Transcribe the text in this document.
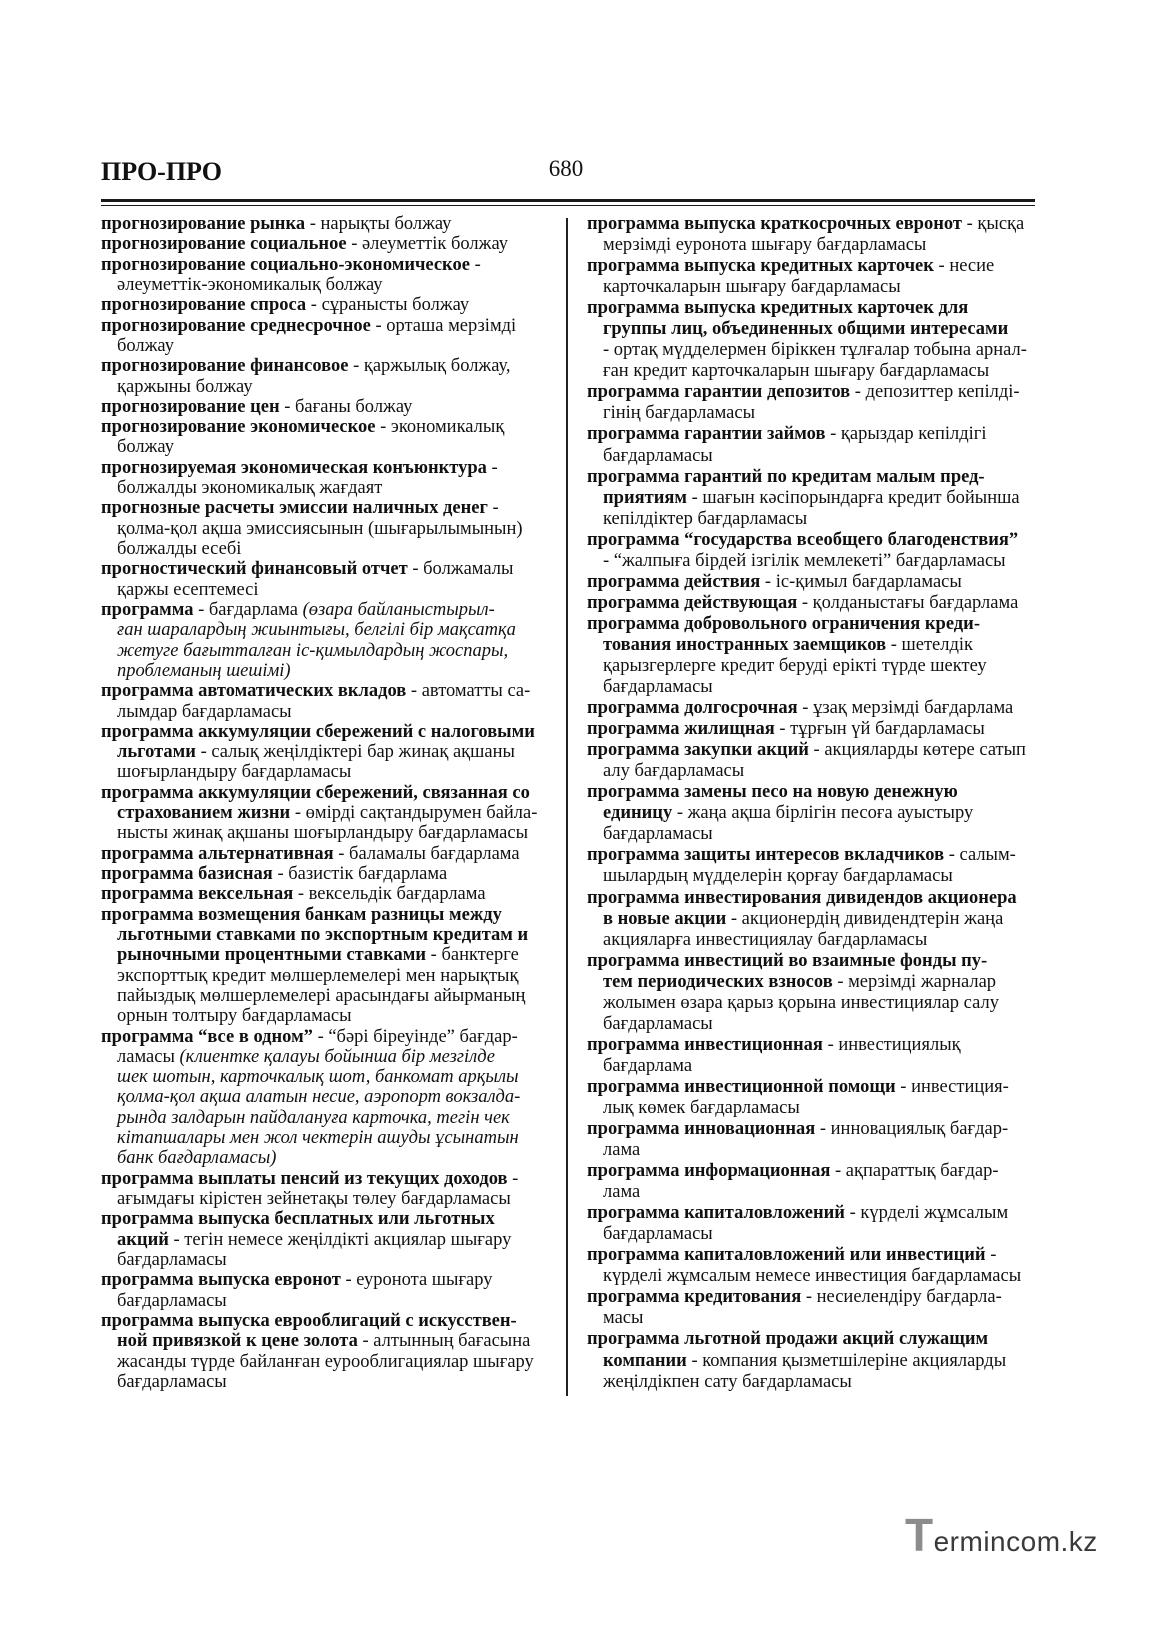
ПРО-ПРО	680
прогнозирование рынка - нарықты болжау
прогнозирование социальное - әлеуметтік болжау
прогнозирование социально-экономическое -
әлеуметтік-экономикалық болжау
прогнозирование спроса - сұранысты болжау
прогнозирование среднесрочное - орташа мерзімді
болжау
прогнозирование финансовое - қаржылық болжау,
қаржыны болжау
прогнозирование цен - бағаны болжау
прогнозирование экономическое - экономикалық
болжау
прогнозируемая экономическая конъюнктура -
болжалды экономикалық жағдаят
прогнозные расчеты эмиссии наличных денег -
қолма-қол ақша эмиссиясынын (шығарылымынын)
болжалды есебі
прогностический финансовый отчет - болжамалы
қаржы есептемесі
программа - бағдарлама (өзара байланыстырыл-
ған шаралардың жиынтығы, белгілі бір мақсатқа
жетуге бағытталған іс-қимылдардың жоспары,
проблеманың шешімі)
программа автоматических вкладов - автоматты са-
лымдар бағдарламасы
программа аккумуляции сбережений с налоговыми
льготами - салық жеңілдіктері бар жинақ ақшаны
шоғырландыру бағдарламасы
программа аккумуляции сбережений, связанная со
страхованием жизни - өмірді сақтандырумен байла-
нысты жинақ ақшаны шоғырландыру бағдарламасы
программа альтернативная - баламалы бағдарлама
программа базисная - базистік бағдарлама
программа вексельная - вексельдік бағдарлама
программа возмещения банкам разницы между
льготными ставками по экспортным кредитам и
рыночными процентными ставками - банктерге
экспорттық кредит мөлшерлемелері мен нарықтық
пайыздық мөлшерлемелері арасындағы айырманың
орнын толтыру бағдарламасы
программа “все в одном” - “бәрі біреуінде” бағдар-
ламасы (клиентке қалауы бойынша бір мезгілде
шек шотын, карточкалық шот, банкомат арқылы
қолма-қол ақша алатын несие, аэропорт вокзалда-
рында залдарын пайдалануға карточка, тегін чек
кітапшалары мен жол чектерін ашуды ұсынатын
банк бағдарламасы)
программа выплаты пенсий из текущих доходов -
ағымдағы кірістен зейнетақы төлеу бағдарламасы
программа выпуска бесплатных или льготных
акций - тегін немесе жеңілдікті акциялар шығару
бағдарламасы
программа выпуска евронот - еуронота шығару
бағдарламасы
программа выпуска еврооблигаций с искусствен-
ной привязкой к цене золота - алтынның бағасына
жасанды түрде байланған еурооблигациялар шығару
бағдарламасы
программа выпуска краткосрочных евронот - қысқа
мерзімді еуронота шығару бағдарламасы
программа выпуска кредитных карточек - несие
карточкаларын шығару бағдарламасы
программа выпуска кредитных карточек для
группы лиц, объединенных общими интересами
- ортақ мүдделермен біріккен тұлғалар тобына арнал-
ған кредит карточкаларын шығару бағдарламасы
программа гарантии депозитов - депозиттер кепілді-
гінің бағдарламасы
программа гарантии займов - қарыздар кепілдігі
бағдарламасы
программа гарантий по кредитам малым пред-
приятиям - шағын кәсіпорындарға кредит бойынша
кепілдіктер бағдарламасы
программа “государства всеобщего благоденствия”
- “жалпыға бірдей ізгілік мемлекеті” бағдарламасы
программа действия - іс-қимыл бағдарламасы
программа действующая - қолданыстағы бағдарлама
программа добровольного ограничения креди-
тования иностранных заемщиков - шетелдік
қарызгерлерге кредит беруді ерікті түрде шектеу
бағдарламасы
программа долгосрочная - ұзақ мерзімді бағдарлама
программа жилищная - тұрғын үй бағдарламасы
программа закупки акций - акцияларды көтере сатып
алу бағдарламасы
программа замены песо на новую денежную
единицу - жаңа ақша бірлігін песоға ауыстыру
бағдарламасы
программа защиты интересов вкладчиков - салым-
шылардың мүдделерін қорғау бағдарламасы
программа инвестирования дивидендов акционера
в новые акции - акционердің дивидендтерін жаңа
акцияларға инвестициялау бағдарламасы
программа инвестиций во взаимные фонды пу-
тем периодических взносов - мерзімді жарналар
жолымен өзара қарыз қорына инвестициялар салу
бағдарламасы
программа инвестиционная - инвестициялық
бағдарлама
программа инвестиционной помощи - инвестиция-
лық көмек бағдарламасы
программа инновационная - инновациялық бағдар-
лама
программа информационная - ақпараттық бағдар-
лама
программа капиталовложений - күрделі жұмсалым
бағдарламасы
программа капиталовложений или инвестиций -
күрделі жұмсалым немесе инвестиция бағдарламасы
программа кредитования - несиелендіру бағдарла-
масы
программа льготной продажи акций служащим
компании - компания қызметшілеріне акцияларды
жеңілдікпен сату бағдарламасы
Termincom.kz
